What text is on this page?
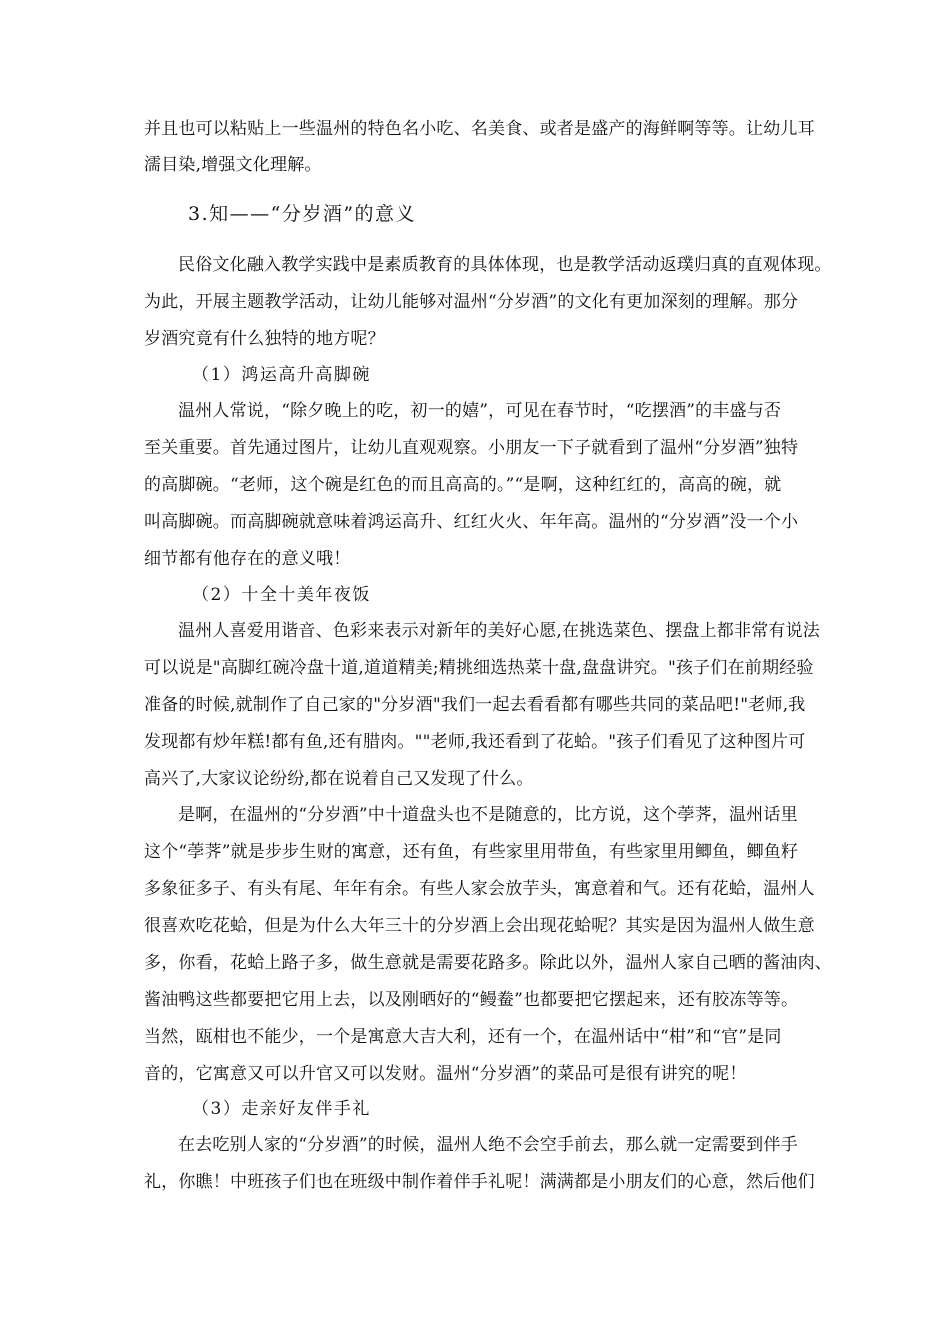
并且也可以粘贴上一些温州的特色名小吃、名美食、或者是盛产的海鲜啊等等。让幼儿耳
濡目染,增强文化理解。
3.知——“分岁酒”的意义
民俗文化融入教学实践中是素质教育的具体体现，也是教学活动返璞归真的直观体现。
为此，开展主题教学活动，让幼儿能够对温州“分岁酒”的文化有更加深刻的理解。那分
岁酒究竟有什么独特的地方呢？
（1）鸿运高升高脚碗
温州人常说，“除夕晚上的吃，初一的嬉”，可见在春节时，“吃摆酒”的丰盛与否
至关重要。首先通过图片，让幼儿直观观察。小朋友一下子就看到了温州“分岁酒”独特
的高脚碗。“老师，这个碗是红色的而且高高的。”“是啊，这种红红的，高高的碗，就
叫高脚碗。而高脚碗就意味着鸿运高升、红红火火、年年高。温州的“分岁酒”没一个小
细节都有他存在的意义哦！
（2）十全十美年夜饭
温州人喜爱用谐音、色彩来表示对新年的美好心愿,在挑选菜色、摆盘上都非常有说法
可以说是"高脚红碗冷盘十道,道道精美;精挑细选热菜十盘,盘盘讲究。"孩子们在前期经验
准备的时候,就制作了自己家的"分岁酒"我们一起去看看都有哪些共同的菜品吧!"老师,我
发现都有炒年糕!都有鱼,还有腊肉。""老师,我还看到了花蛤。"孩子们看见了这种图片可
高兴了,大家议论纷纷,都在说着自己又发现了什么。
是啊，在温州的“分岁酒”中十道盘头也不是随意的，比方说，这个荸荠，温州话里
这个“荸荠”就是步步生财的寓意，还有鱼，有些家里用带鱼，有些家里用鲫鱼，鲫鱼籽
多象征多子、有头有尾、年年有余。有些人家会放芋头，寓意着和气。还有花蛤，温州人
很喜欢吃花蛤，但是为什么大年三十的分岁酒上会出现花蛤呢？其实是因为温州人做生意
多，你看，花蛤上路子多，做生意就是需要花路多。除此以外，温州人家自己晒的酱油肉、
酱油鸭这些都要把它用上去，以及刚晒好的“鳗鲞”也都要把它摆起来，还有胶冻等等。
当然，瓯柑也不能少，一个是寓意大吉大利，还有一个，在温州话中“柑”和“官”是同
音的，它寓意又可以升官又可以发财。温州“分岁酒”的菜品可是很有讲究的呢！
（3）走亲好友伴手礼
在去吃别人家的“分岁酒”的时候，温州人绝不会空手前去，那么就一定需要到伴手
礼，你瞧！中班孩子们也在班级中制作着伴手礼呢！满满都是小朋友们的心意，然后他们
